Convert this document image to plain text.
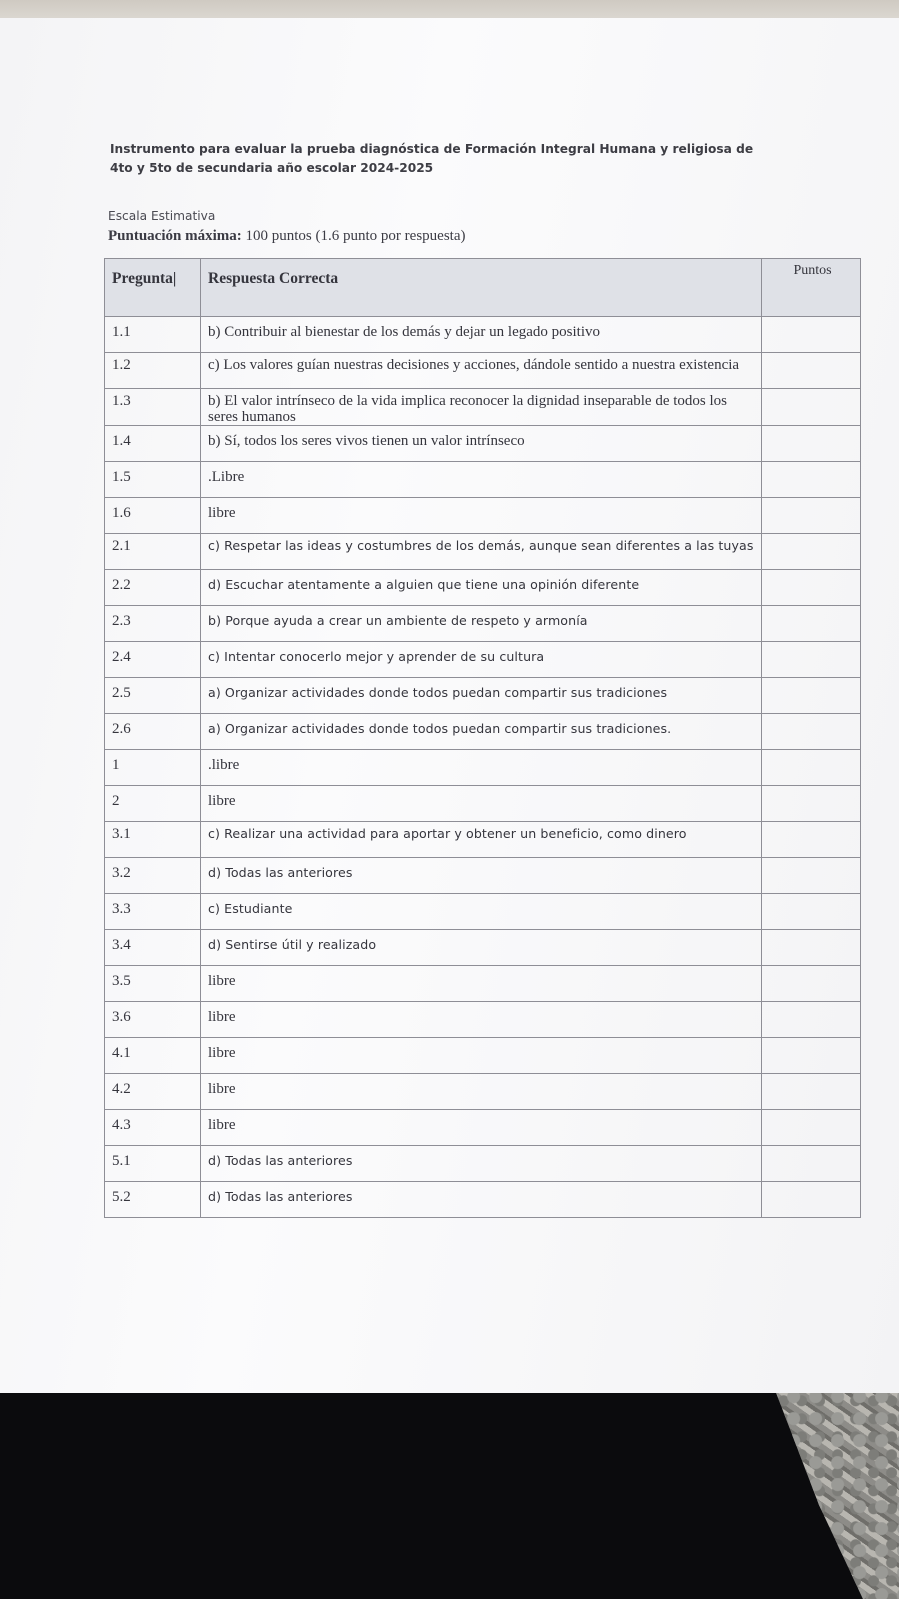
Instrumento para evaluar la prueba diagnóstica de Formación Integral Humana y religiosa de
4to y 5to de secundaria año escolar 2024-2025

Escala Estimativa

Puntuación máxima: 100 puntos (1.6 punto por respuesta)

Pregunta|	Respuesta Correcta	Puntos
1.1	b) Contribuir al bienestar de los demás y dejar un legado positivo	
1.2	c) Los valores guían nuestras decisiones y acciones, dándole sentido a nuestra existencia	
1.3	b) El valor intrínseco de la vida implica reconocer la dignidad inseparable de todos los seres humanos	
1.4	b) Sí, todos los seres vivos tienen un valor intrínseco	
1.5	.Libre	
1.6	libre	
2.1	c) Respetar las ideas y costumbres de los demás, aunque sean diferentes a las tuyas	
2.2	d) Escuchar atentamente a alguien que tiene una opinión diferente	
2.3	b) Porque ayuda a crear un ambiente de respeto y armonía	
2.4	c) Intentar conocerlo mejor y aprender de su cultura	
2.5	a) Organizar actividades donde todos puedan compartir sus tradiciones	
2.6	a) Organizar actividades donde todos puedan compartir sus tradiciones.	
1	.libre	
2	libre	
3.1	c) Realizar una actividad para aportar y obtener un beneficio, como dinero	
3.2	d) Todas las anteriores	
3.3	c) Estudiante	
3.4	d) Sentirse útil y realizado	
3.5	libre	
3.6	libre	
4.1	libre	
4.2	libre	
4.3	libre	
5.1	d) Todas las anteriores	
5.2	d) Todas las anteriores	
